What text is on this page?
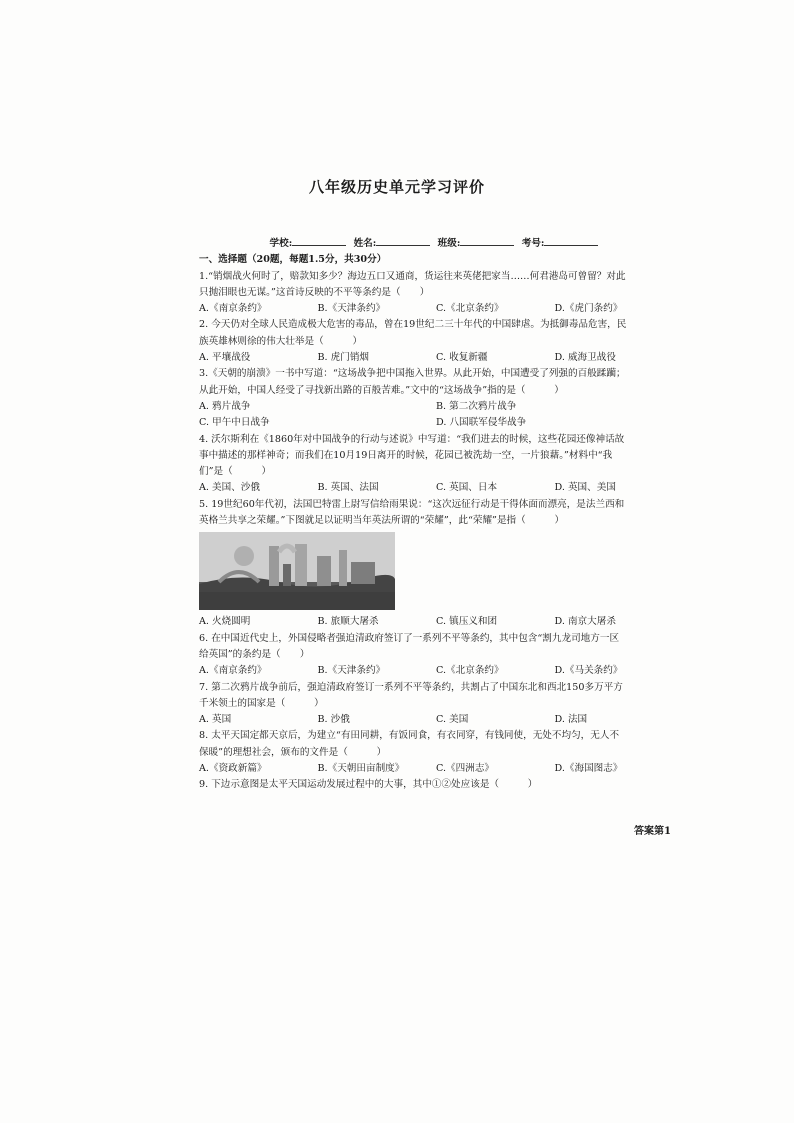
八年级历史单元学习评价
学校:	姓名:	班级:	考号:
一、选择题（20题，每题1.5分，共30分）
1.“销烟战火何时了，赔款知多少？海边五口又通商，货运往来英佬把家当……何君港岛可曾留？对此
只抛泪眼也无谋。”这首诗反映的不平等条约是（　　）
A.《南京条约》	B.《天津条约》	C.《北京条约》	D.《虎门条约》
2. 今天仍对全球人民造成极大危害的毒品，曾在19世纪二三十年代的中国肆虐。为抵御毒品危害，民
族英雄林则徐的伟大壮举是（　　　）
A. 平壤战役	B. 虎门销烟	C. 收复新疆	D. 威海卫战役
3.《天朝的崩溃》一书中写道：“这场战争把中国拖入世界。从此开始，中国遭受了列强的百般蹂躏；
从此开始，中国人经受了寻找新出路的百般苦难。”文中的“这场战争”指的是（　　　）
A. 鸦片战争	B. 第二次鸦片战争
C. 甲午中日战争	D. 八国联军侵华战争
4. 沃尔斯利在《1860年对中国战争的行动与述说》中写道：“我们进去的时候，这些花园还像神话故
事中描述的那样神奇；而我们在10月19日离开的时候，花园已被洗劫一空，一片狼藉。”材料中“我
们”是（　　　）
A. 美国、沙俄	B. 英国、法国	C. 英国、日本	D. 英国、美国
5. 19世纪60年代初，法国巴特雷上尉写信给雨果说：“这次远征行动是干得体面而漂亮，是法兰西和
英格兰共享之荣耀。”下图就足以证明当年英法所谓的“荣耀”，此“荣耀”是指（　　　）
A. 火烧圆明	B. 旅顺大屠杀	C. 镇压义和团	D. 南京大屠杀
6. 在中国近代史上，外国侵略者强迫清政府签订了一系列不平等条约，其中包含“割九龙司地方一区
给英国”的条约是（　　）
A.《南京条约》	B.《天津条约》	C.《北京条约》	D.《马关条约》
7. 第二次鸦片战争前后，强迫清政府签订一系列不平等条约，共割占了中国东北和西北150多万平方
千米领土的国家是（　　　）
A. 英国	B. 沙俄	C. 美国	D. 法国
8. 太平天国定都天京后，为建立“有田同耕，有饭同食，有衣同穿，有钱同使，无处不均匀，无人不
保暖”的理想社会，颁布的文件是（　　　）
A.《资政新篇》	B.《天朝田亩制度》	C.《四洲志》	D.《海国图志》
9. 下边示意图是太平天国运动发展过程中的大事，其中①②处应该是（　　　）
答案第1
